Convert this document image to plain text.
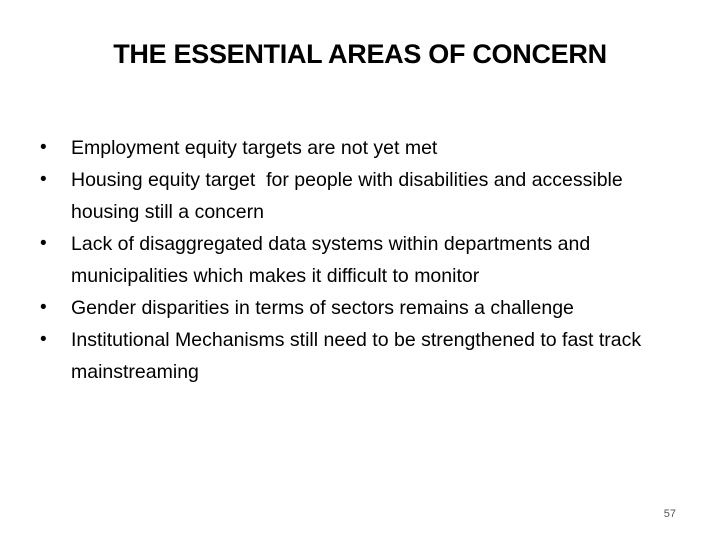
THE ESSENTIAL AREAS OF CONCERN
•	Employment equity targets are not yet met
•	Housing equity target  for people with disabilities and accessible housing still a concern
•	Lack of disaggregated data systems within departments and municipalities which makes it difficult to monitor
•	Gender disparities in terms of sectors remains a challenge
•	Institutional Mechanisms still need to be strengthened to fast track mainstreaming
57
